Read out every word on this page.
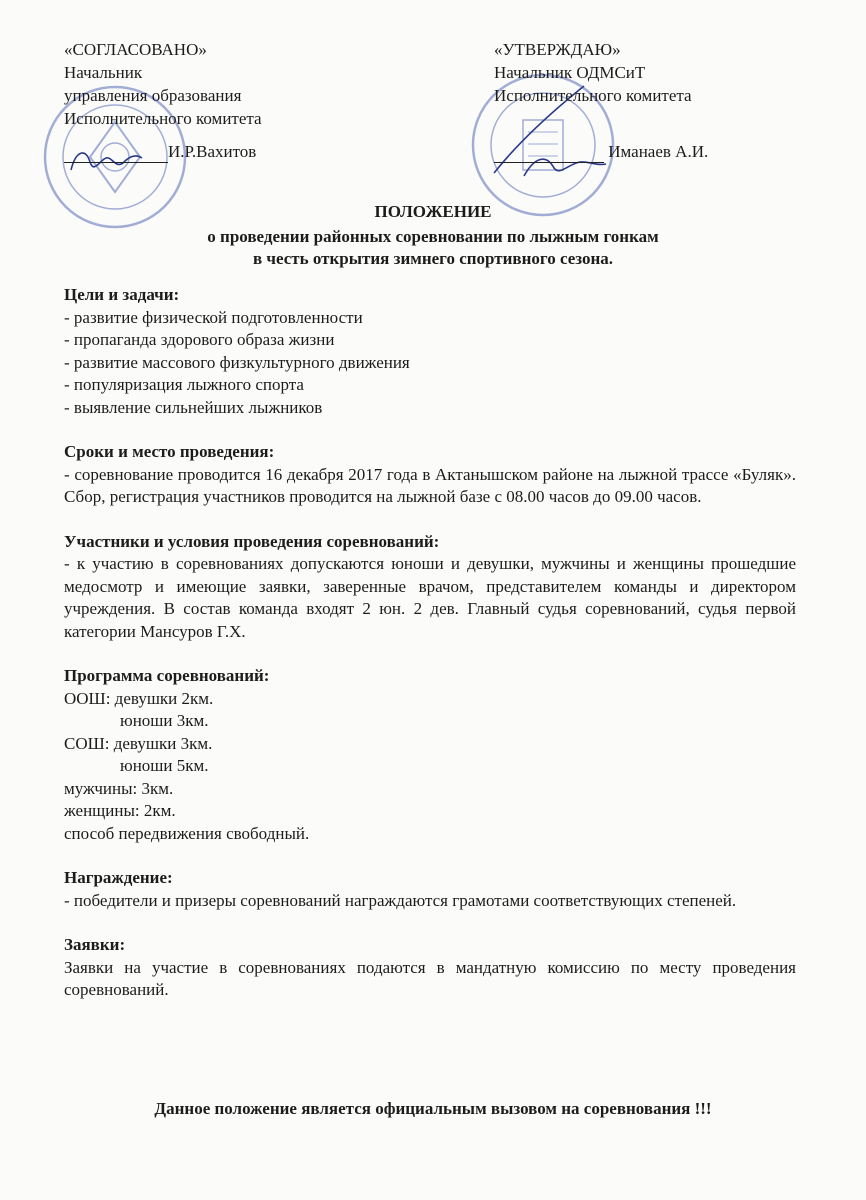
«СОГЛАСОВАНО»
Начальник
управления образования
Исполнительного комитета
И.Р.Вахитов
«УТВЕРЖДАЮ»
Начальник ОДМСиТ
Исполнительного комитета
Иманаев А.И.
ПОЛОЖЕНИЕ
о проведении районных соревновании по лыжным гонкам
в честь открытия зимнего спортивного сезона.
Цели и задачи:
- развитие физической подготовленности
- пропаганда здорового образа жизни
- развитие массового физкультурного движения
- популяризация лыжного спорта
- выявление сильнейших лыжников
Сроки и место проведения:
- соревнование проводится 16 декабря 2017 года в Актанышском районе на лыжной трассе «Буляк». Сбор, регистрация участников проводится на лыжной базе с 08.00 часов до 09.00 часов.
Участники и условия проведения соревнований:
- к участию в соревнованиях допускаются юноши и девушки, мужчины и женщины прошедшие медосмотр и имеющие заявки, заверенные врачом, представителем команды и директором учреждения. В состав команда входят 2 юн. 2 дев. Главный судья соревнований, судья первой категории Мансуров Г.Х.
Программа соревнований:
ООШ: девушки 2км.
юноши 3км.
СОШ: девушки 3км.
юноши 5км.
мужчины: 3км.
женщины: 2км.
способ передвижения свободный.
Награждение:
- победители и призеры соревнований награждаются грамотами соответствующих степеней.
Заявки:
Заявки на участие в соревнованиях подаются в мандатную комиссию по месту проведения соревнований.
Данное положение является официальным вызовом на соревнования !!!
